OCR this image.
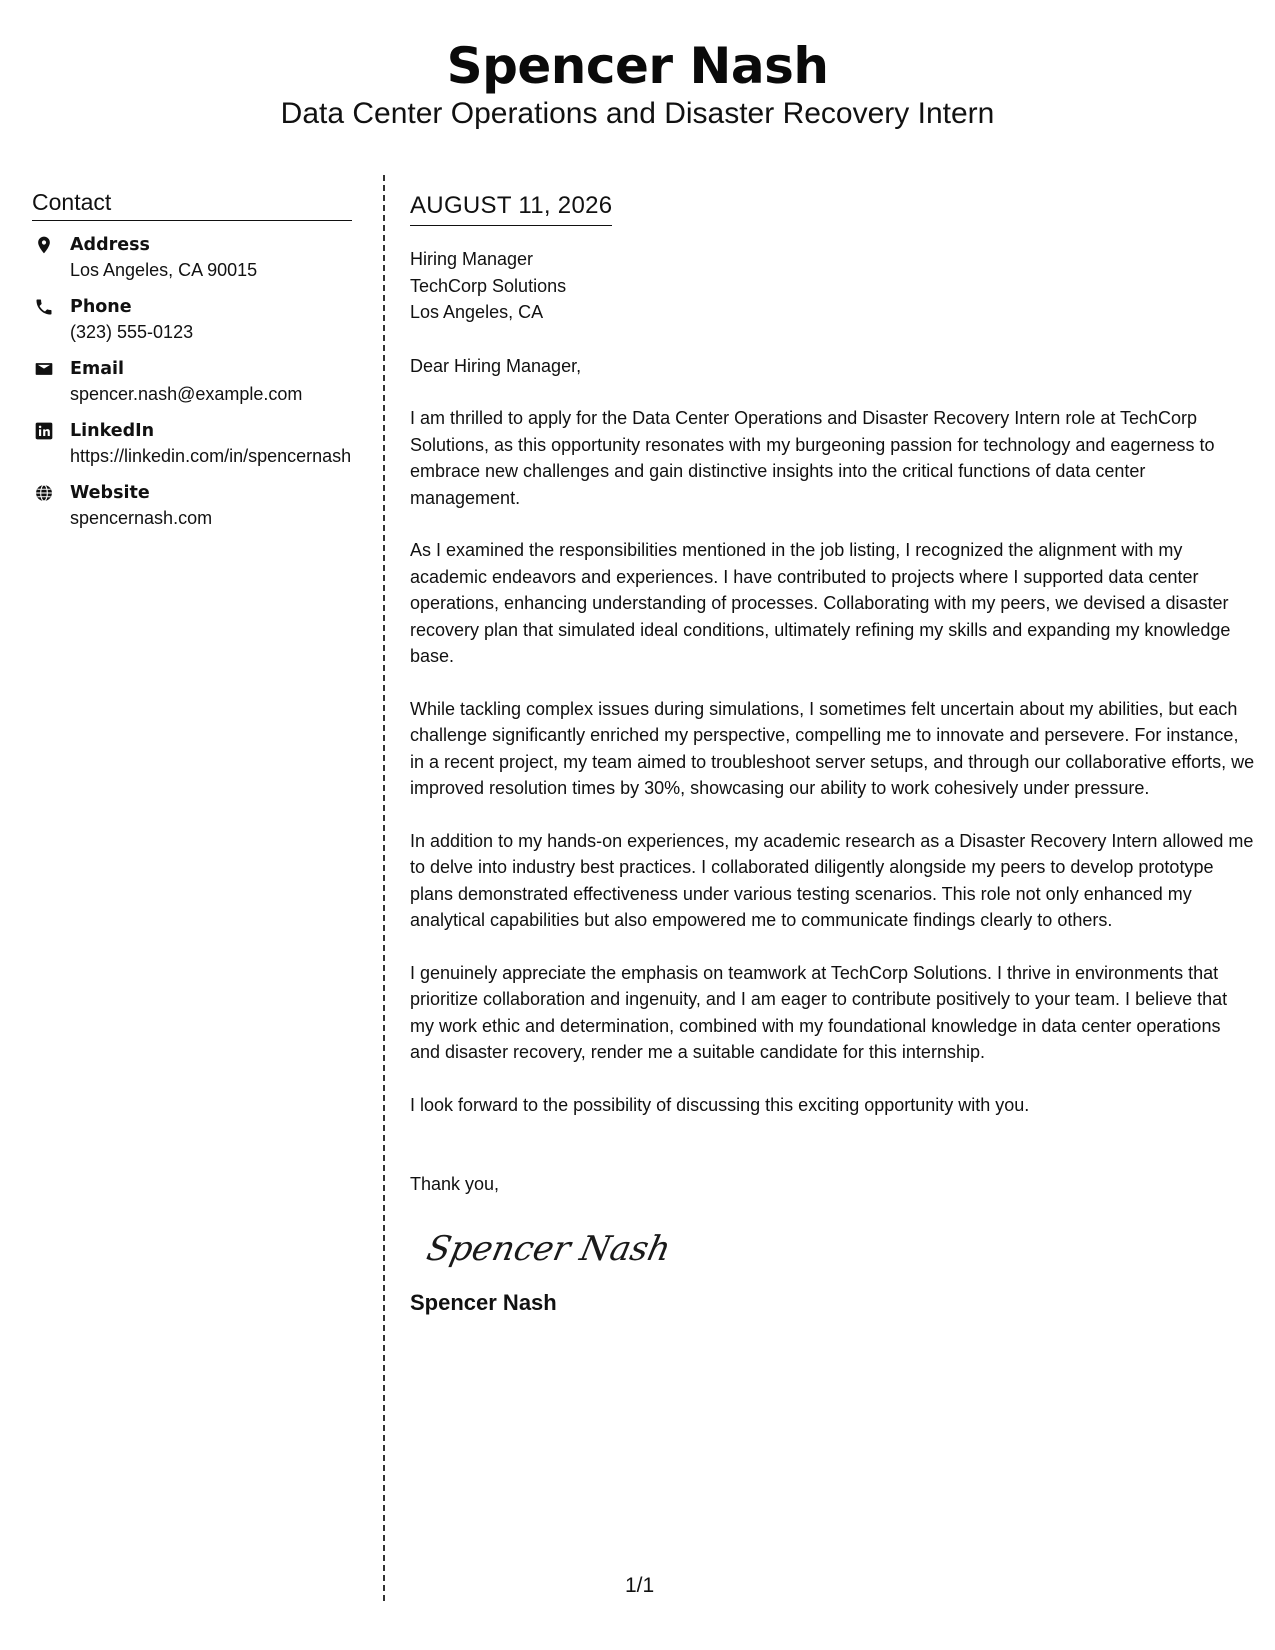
Spencer Nash
Data Center Operations and Disaster Recovery Intern
Contact
Address
Los Angeles, CA 90015
Phone
(323) 555-0123
Email
spencer.nash@example.com
LinkedIn
https://linkedin.com/in/spencernash
Website
spencernash.com
AUGUST 11, 2026
Hiring Manager
TechCorp Solutions
Los Angeles, CA
Dear Hiring Manager,
I am thrilled to apply for the Data Center Operations and Disaster Recovery Intern role at TechCorp Solutions, as this opportunity resonates with my burgeoning passion for technology and eagerness to embrace new challenges and gain distinctive insights into the critical functions of data center management.
As I examined the responsibilities mentioned in the job listing, I recognized the alignment with my academic endeavors and experiences. I have contributed to projects where I supported data center operations, enhancing understanding of processes. Collaborating with my peers, we devised a disaster recovery plan that simulated ideal conditions, ultimately refining my skills and expanding my knowledge base.
While tackling complex issues during simulations, I sometimes felt uncertain about my abilities, but each challenge significantly enriched my perspective, compelling me to innovate and persevere. For instance, in a recent project, my team aimed to troubleshoot server setups, and through our collaborative efforts, we improved resolution times by 30%, showcasing our ability to work cohesively under pressure.
In addition to my hands-on experiences, my academic research as a Disaster Recovery Intern allowed me to delve into industry best practices. I collaborated diligently alongside my peers to develop prototype plans demonstrated effectiveness under various testing scenarios. This role not only enhanced my analytical capabilities but also empowered me to communicate findings clearly to others.
I genuinely appreciate the emphasis on teamwork at TechCorp Solutions. I thrive in environments that prioritize collaboration and ingenuity, and I am eager to contribute positively to your team. I believe that my work ethic and determination, combined with my foundational knowledge in data center operations and disaster recovery, render me a suitable candidate for this internship.
I look forward to the possibility of discussing this exciting opportunity with you.
Thank you,
Spencer Nash
Spencer Nash
1/1
